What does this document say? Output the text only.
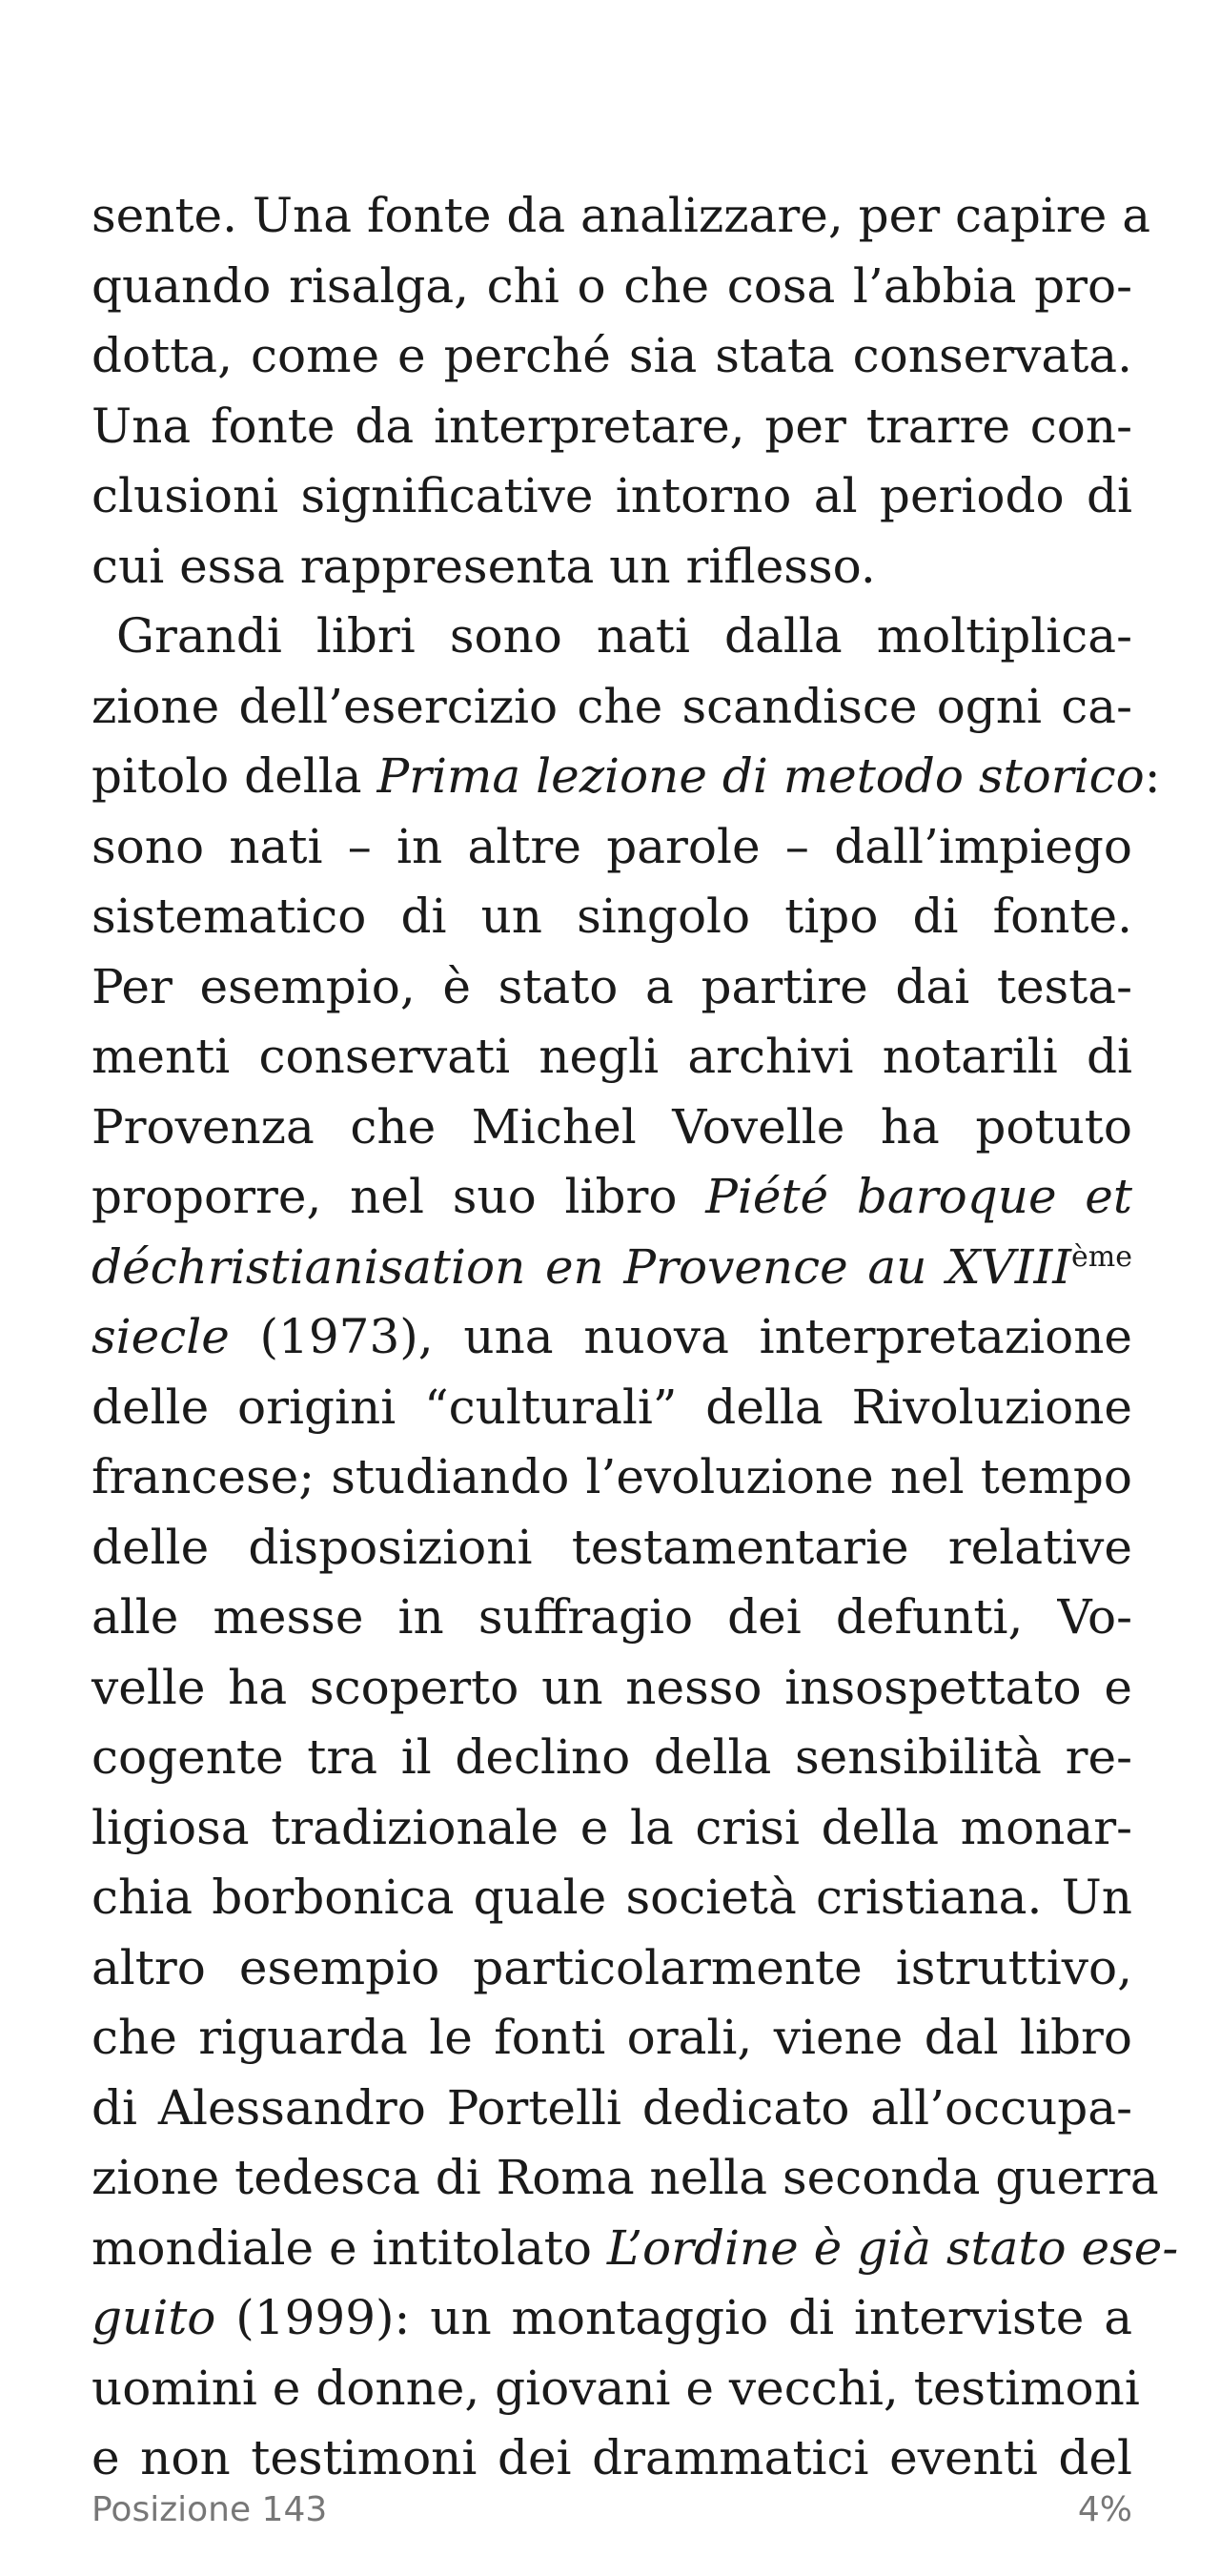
sente. Una fonte da analizzare, per capire a
quando risalga, chi o che cosa l’abbia pro-
dotta, come e perché sia stata conservata.
Una fonte da interpretare, per trarre con-
clusioni significative intorno al periodo di
cui essa rappresenta un riflesso.
Grandi libri sono nati dalla moltiplica-
zione dell’esercizio che scandisce ogni ca-
pitolo della Prima lezione di metodo storico:
sono nati – in altre parole – dall’impiego
sistematico di un singolo tipo di fonte.
Per esempio, è stato a partire dai testa-
menti conservati negli archivi notarili di
Provenza che Michel Vovelle ha potuto
proporre, nel suo libro Piété baroque et
déchristianisation en Provence au XVIIIème
siecle (1973), una nuova interpretazione
delle origini “culturali” della Rivoluzione
francese; studiando l’evoluzione nel tempo
delle disposizioni testamentarie relative
alle messe in suffragio dei defunti, Vo-
velle ha scoperto un nesso insospettato e
cogente tra il declino della sensibilità re-
ligiosa tradizionale e la crisi della monar-
chia borbonica quale società cristiana. Un
altro esempio particolarmente istruttivo,
che riguarda le fonti orali, viene dal libro
di Alessandro Portelli dedicato all’occupa-
zione tedesca di Roma nella seconda guerra
mondiale e intitolato L’ordine è già stato ese-
guito (1999): un montaggio di interviste a
uomini e donne, giovani e vecchi, testimoni
e non testimoni dei drammatici eventi del
Posizione 143	4%
